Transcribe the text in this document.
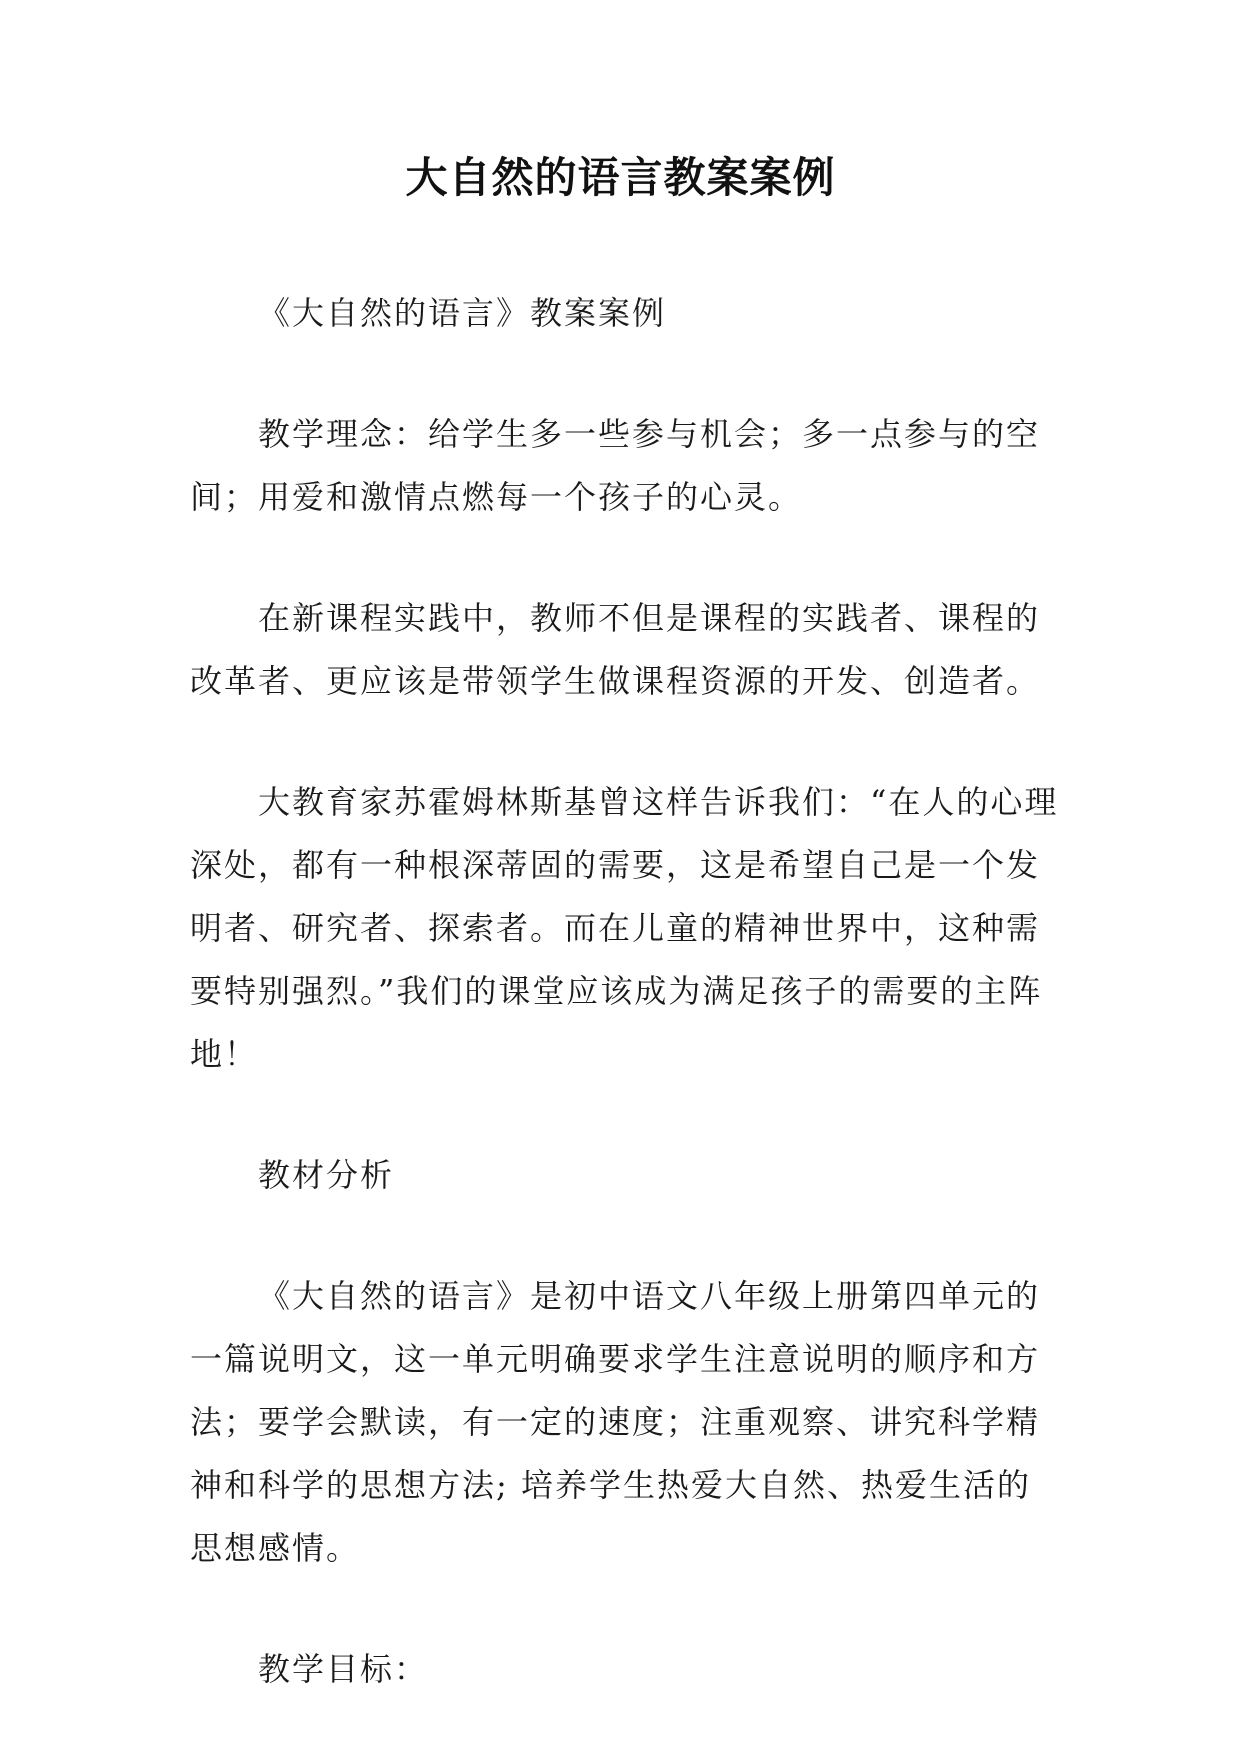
大自然的语言教案案例

《大自然的语言》教案案例

教学理念：给学生多一些参与机会；多一点参与的空间；用爱和激情点燃每一个孩子的心灵。

在新课程实践中，教师不但是课程的实践者、课程的改革者、更应该是带领学生做课程资源的开发、创造者。

大教育家苏霍姆林斯基曾这样告诉我们：“在人的心理深处，都有一种根深蒂固的需要，这是希望自己是一个发明者、研究者、探索者。而在儿童的精神世界中，这种需要特别强烈。”我们的课堂应该成为满足孩子的需要的主阵地！

教材分析

《大自然的语言》是初中语文八年级上册第四单元的一篇说明文，这一单元明确要求学生注意说明的顺序和方法；要学会默读，有一定的速度；注重观察、讲究科学精神和科学的思想方法; 培养学生热爱大自然、热爱生活的思想感情。

教学目标：
